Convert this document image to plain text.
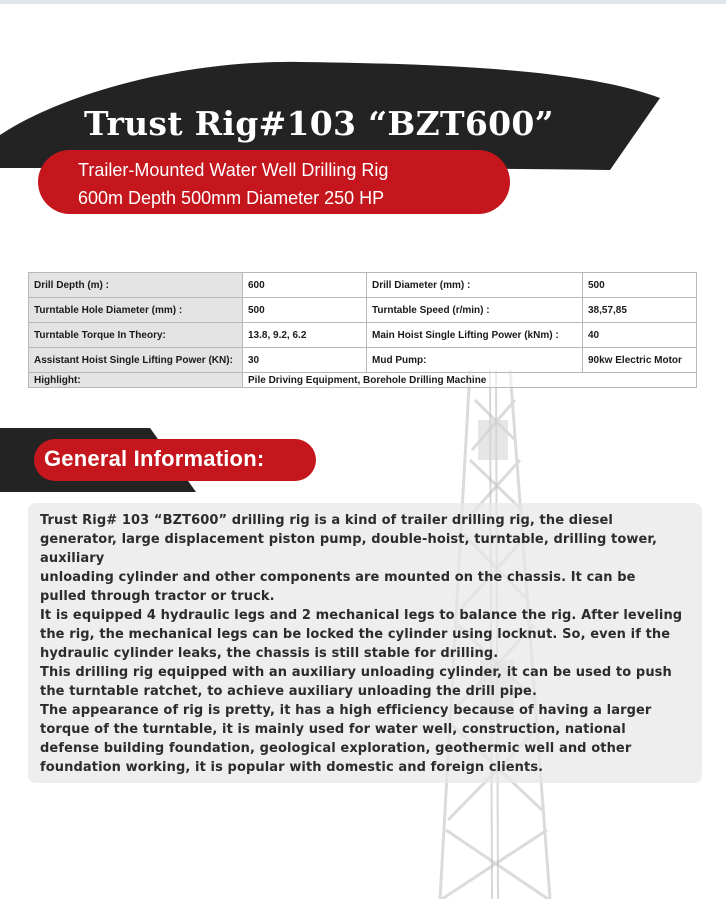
Trust Rig#103 “BZT600”
Trailer-Mounted Water Well Drilling Rig
600m Depth 500mm Diameter 250 HP
Drill Depth (m) :	600	Drill Diameter (mm) :	500
Turntable Hole Diameter (mm) :	500	Turntable Speed (r/min) :	38,57,85
Turntable Torque In Theory:	13.8, 9.2, 6.2	Main Hoist Single Lifting Power (kNm) :	40
Assistant Hoist Single Lifting Power (KN):	30	Mud Pump:	90kw Electric Motor
Highlight:	Pile Driving Equipment, Borehole Drilling Machine		
General Information:
Trust Rig# 103 “BZT600” drilling rig is a kind of trailer drilling rig, the diesel
generator, large displacement piston pump, double-hoist, turntable, drilling tower,
auxiliary
unloading cylinder and other components are mounted on the chassis. It can be
pulled through tractor or truck.
It is equipped 4 hydraulic legs and 2 mechanical legs to balance the rig. After leveling
the rig, the mechanical legs can be locked the cylinder using locknut. So, even if the
hydraulic cylinder leaks, the chassis is still stable for drilling.
This drilling rig equipped with an auxiliary unloading cylinder, it can be used to push
the turntable ratchet, to achieve auxiliary unloading the drill pipe.
The appearance of rig is pretty, it has a high efficiency because of having a larger
torque of the turntable, it is mainly used for water well, construction, national
defense building foundation, geological exploration, geothermic well and other
foundation working, it is popular with domestic and foreign clients.
